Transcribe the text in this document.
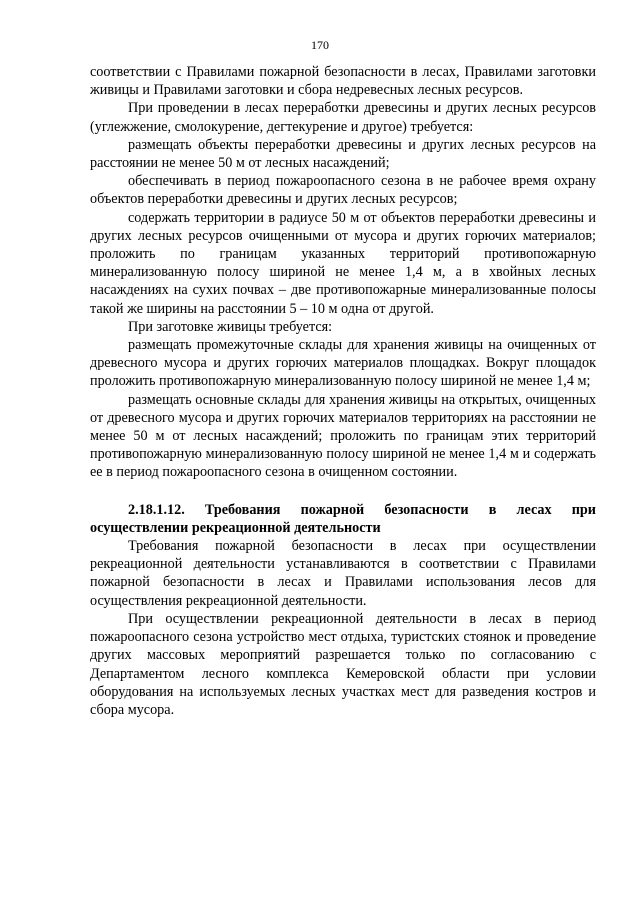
170

соответствии с Правилами пожарной безопасности в лесах, Правилами заготовки живицы и Правилами заготовки и сбора недревесных лесных ресурсов.

При проведении в лесах переработки древесины и других лесных ресурсов (углежжение, смолокурение, дегтекурение и другое) требуется:

размещать объекты переработки древесины и других лесных ресурсов на расстоянии не менее 50 м от лесных насаждений;

обеспечивать в период пожароопасного сезона в не рабочее время охрану объектов переработки древесины и других лесных ресурсов;

содержать территории в радиусе 50 м от объектов переработки древесины и других лесных ресурсов очищенными от мусора и других горючих материалов; проложить по границам указанных территорий противопожарную минерализованную полосу шириной не менее 1,4 м, а в хвойных лесных насаждениях на сухих почвах – две противопожарные минерализованные полосы такой же ширины на расстоянии 5 – 10 м одна от другой.

При заготовке живицы требуется:

размещать промежуточные склады для хранения живицы на очищенных от древесного мусора и других горючих материалов площадках. Вокруг площадок проложить противопожарную минерализованную полосу шириной не менее 1,4 м;

размещать основные склады для хранения живицы на открытых, очищенных от древесного мусора и других горючих материалов территориях на расстоянии не менее 50 м от лесных насаждений; проложить по границам этих территорий противопожарную минерализованную полосу шириной не менее 1,4 м и содержать ее в период пожароопасного сезона в очищенном состоянии.

2.18.1.12. Требования пожарной безопасности в лесах при осуществлении рекреационной деятельности

Требования пожарной безопасности в лесах при осуществлении рекреационной деятельности устанавливаются в соответствии с Правилами пожарной безопасности в лесах и Правилами использования лесов для осуществления рекреационной деятельности.

При осуществлении рекреационной деятельности в лесах в период пожароопасного сезона устройство мест отдыха, туристских стоянок и проведение других массовых мероприятий разрешается только по согласованию с Департаментом лесного комплекса Кемеровской области при условии оборудования на используемых лесных участках мест для разведения костров и сбора мусора.
